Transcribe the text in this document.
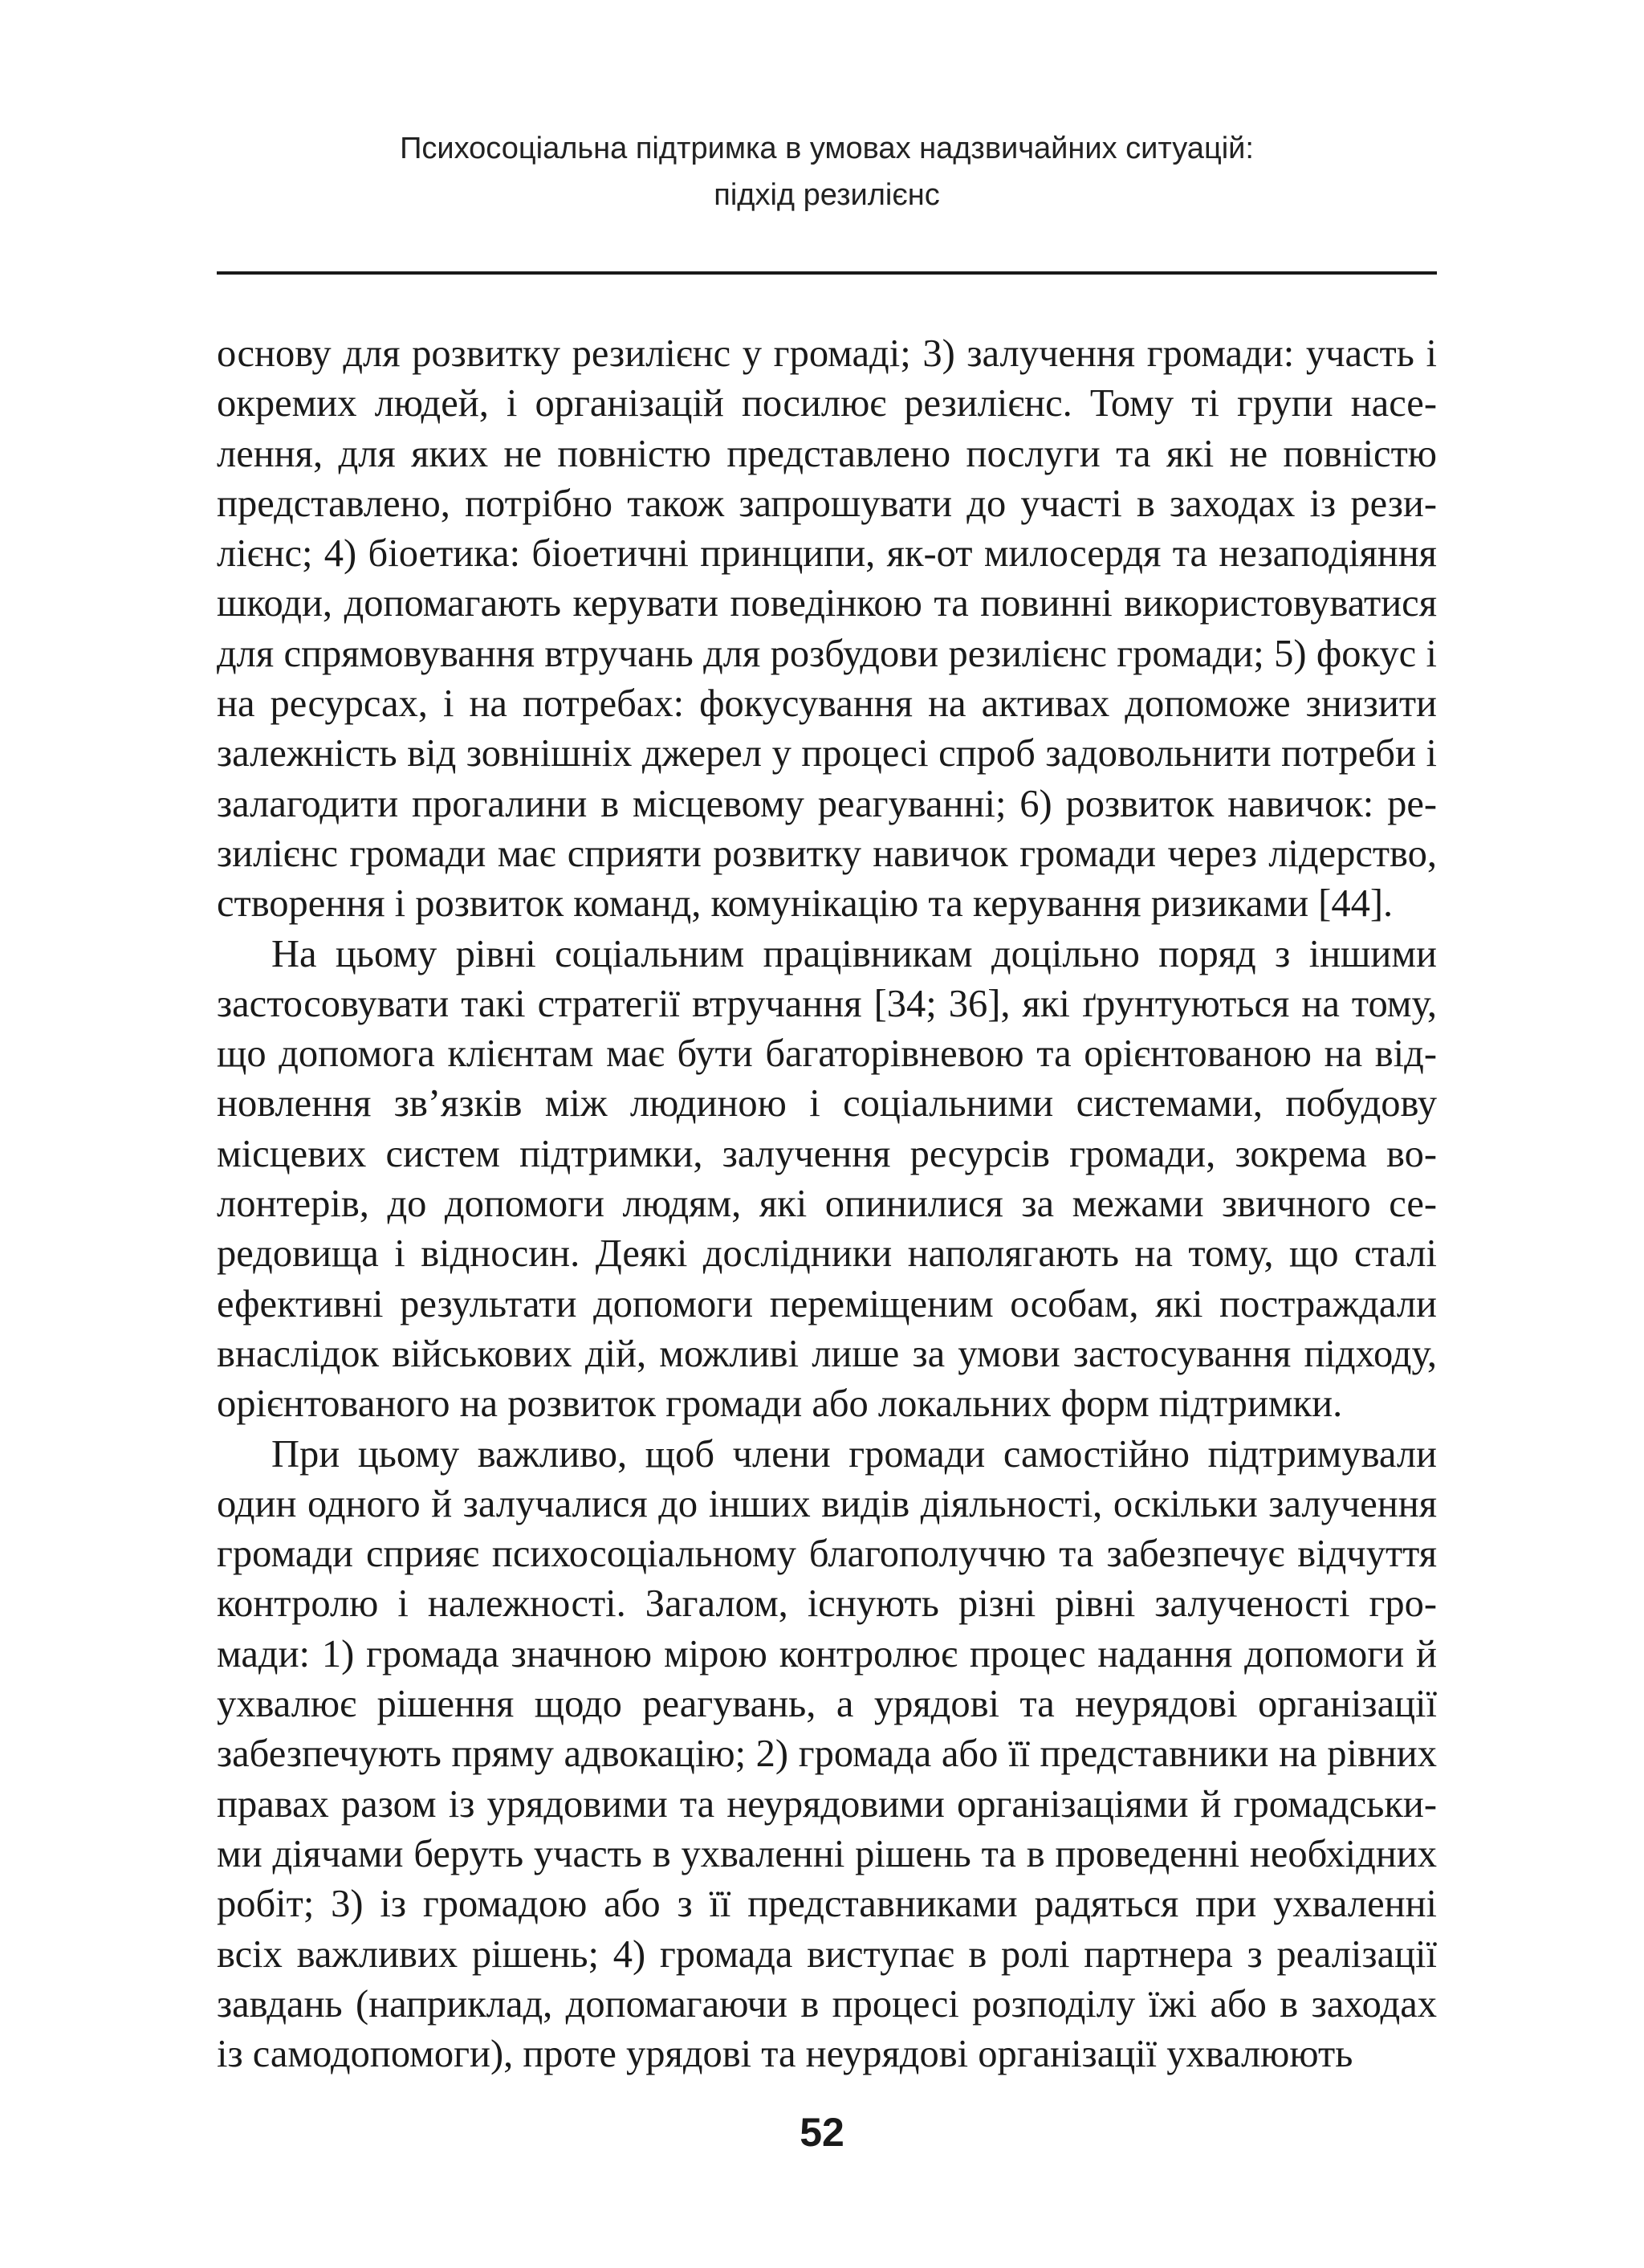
Психосоціальна підтримка в умовах надзвичайних ситуацій:
підхід резилієнс

основу для розвитку резилієнс у громаді; 3) залучення громади: участь і окремих людей, і організацій посилює резилієнс. Тому ті групи населення, для яких не повністю представлено послуги та які не повністю представлено, потрібно також запрошувати до участі в заходах із резилієнс; 4) біоетика: біоетичні принципи, як-от милосердя та незаподіяння шкоди, допомагають керувати поведінкою та повинні використовуватися для спрямовування втручань для розбудови резилієнс громади; 5) фокус і на ресурсах, і на потребах: фокусування на активах допоможе знизити залежність від зовнішніх джерел у процесі спроб задовольнити потреби і залагодити прогалини в місцевому реагуванні; 6) розвиток навичок: резилієнс громади має сприяти розвитку навичок громади через лідерство, створення і розвиток команд, комунікацію та керування ризиками [44].

На цьому рівні соціальним працівникам доцільно поряд з іншими застосовувати такі стратегії втручання [34; 36], які ґрунтуються на тому, що допомога клієнтам має бути багаторівневою та орієнтованою на відновлення зв’язків між людиною і соціальними системами, побудову місцевих систем підтримки, залучення ресурсів громади, зокрема волонтерів, до допомоги людям, які опинилися за межами звичного середовища і відносин. Деякі дослідники наполягають на тому, що сталі ефективні результати допомоги переміщеним особам, які постраждали внаслідок військових дій, можливі лише за умови застосування підходу, орієнтованого на розвиток громади або локальних форм підтримки.

При цьому важливо, щоб члени громади самостійно підтримували один одного й залучалися до інших видів діяльності, оскільки залучення громади сприяє психосоціальному благополуччю та забезпечує відчуття контролю і належності. Загалом, існують різні рівні залученості громади: 1) громада значною мірою контролює процес надання допомоги й ухвалює рішення щодо реагувань, а урядові та неурядові організації забезпечують пряму адвокацію; 2) громада або її представники на рівних правах разом із урядовими та неурядовими організаціями й громадськими діячами беруть участь в ухваленні рішень та в проведенні необхідних робіт; 3) із громадою або з її представниками радяться при ухваленні всіх важливих рішень; 4) громада виступає в ролі партнера з реалізації завдань (наприклад, допомагаючи в процесі розподілу їжі або в заходах із самодопомоги), проте урядові та неурядові організації ухвалюють

52
